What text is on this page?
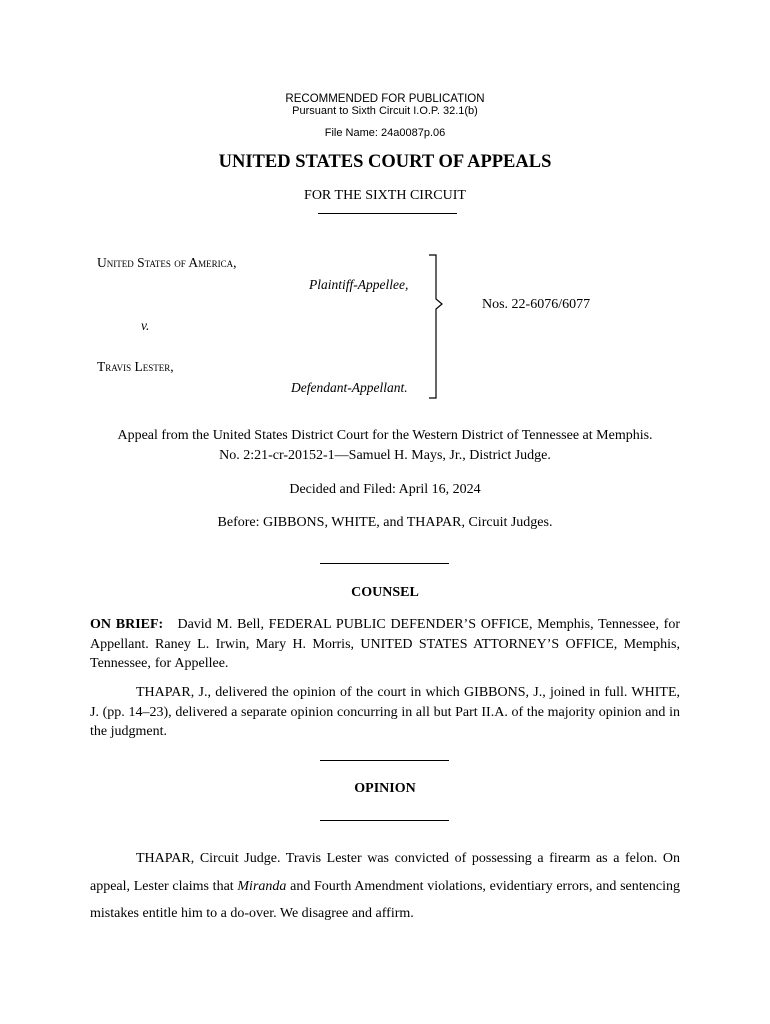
RECOMMENDED FOR PUBLICATION
Pursuant to Sixth Circuit I.O.P. 32.1(b)
File Name: 24a0087p.06
UNITED STATES COURT OF APPEALS
FOR THE SIXTH CIRCUIT
United States of America,
Plaintiff-Appellee,
v.
Travis Lester,
Defendant-Appellant.
Nos. 22-6076/6077
Appeal from the United States District Court for the Western District of Tennessee at Memphis.
No. 2:21-cr-20152-1—Samuel H. Mays, Jr., District Judge.
Decided and Filed: April 16, 2024
Before: GIBBONS, WHITE, and THAPAR, Circuit Judges.
COUNSEL
ON BRIEF: David M. Bell, FEDERAL PUBLIC DEFENDER’S OFFICE, Memphis, Tennessee, for Appellant. Raney L. Irwin, Mary H. Morris, UNITED STATES ATTORNEY’S OFFICE, Memphis, Tennessee, for Appellee.
THAPAR, J., delivered the opinion of the court in which GIBBONS, J., joined in full. WHITE, J. (pp. 14–23), delivered a separate opinion concurring in all but Part II.A. of the majority opinion and in the judgment.
OPINION
THAPAR, Circuit Judge. Travis Lester was convicted of possessing a firearm as a felon. On appeal, Lester claims that Miranda and Fourth Amendment violations, evidentiary errors, and sentencing mistakes entitle him to a do-over. We disagree and affirm.
